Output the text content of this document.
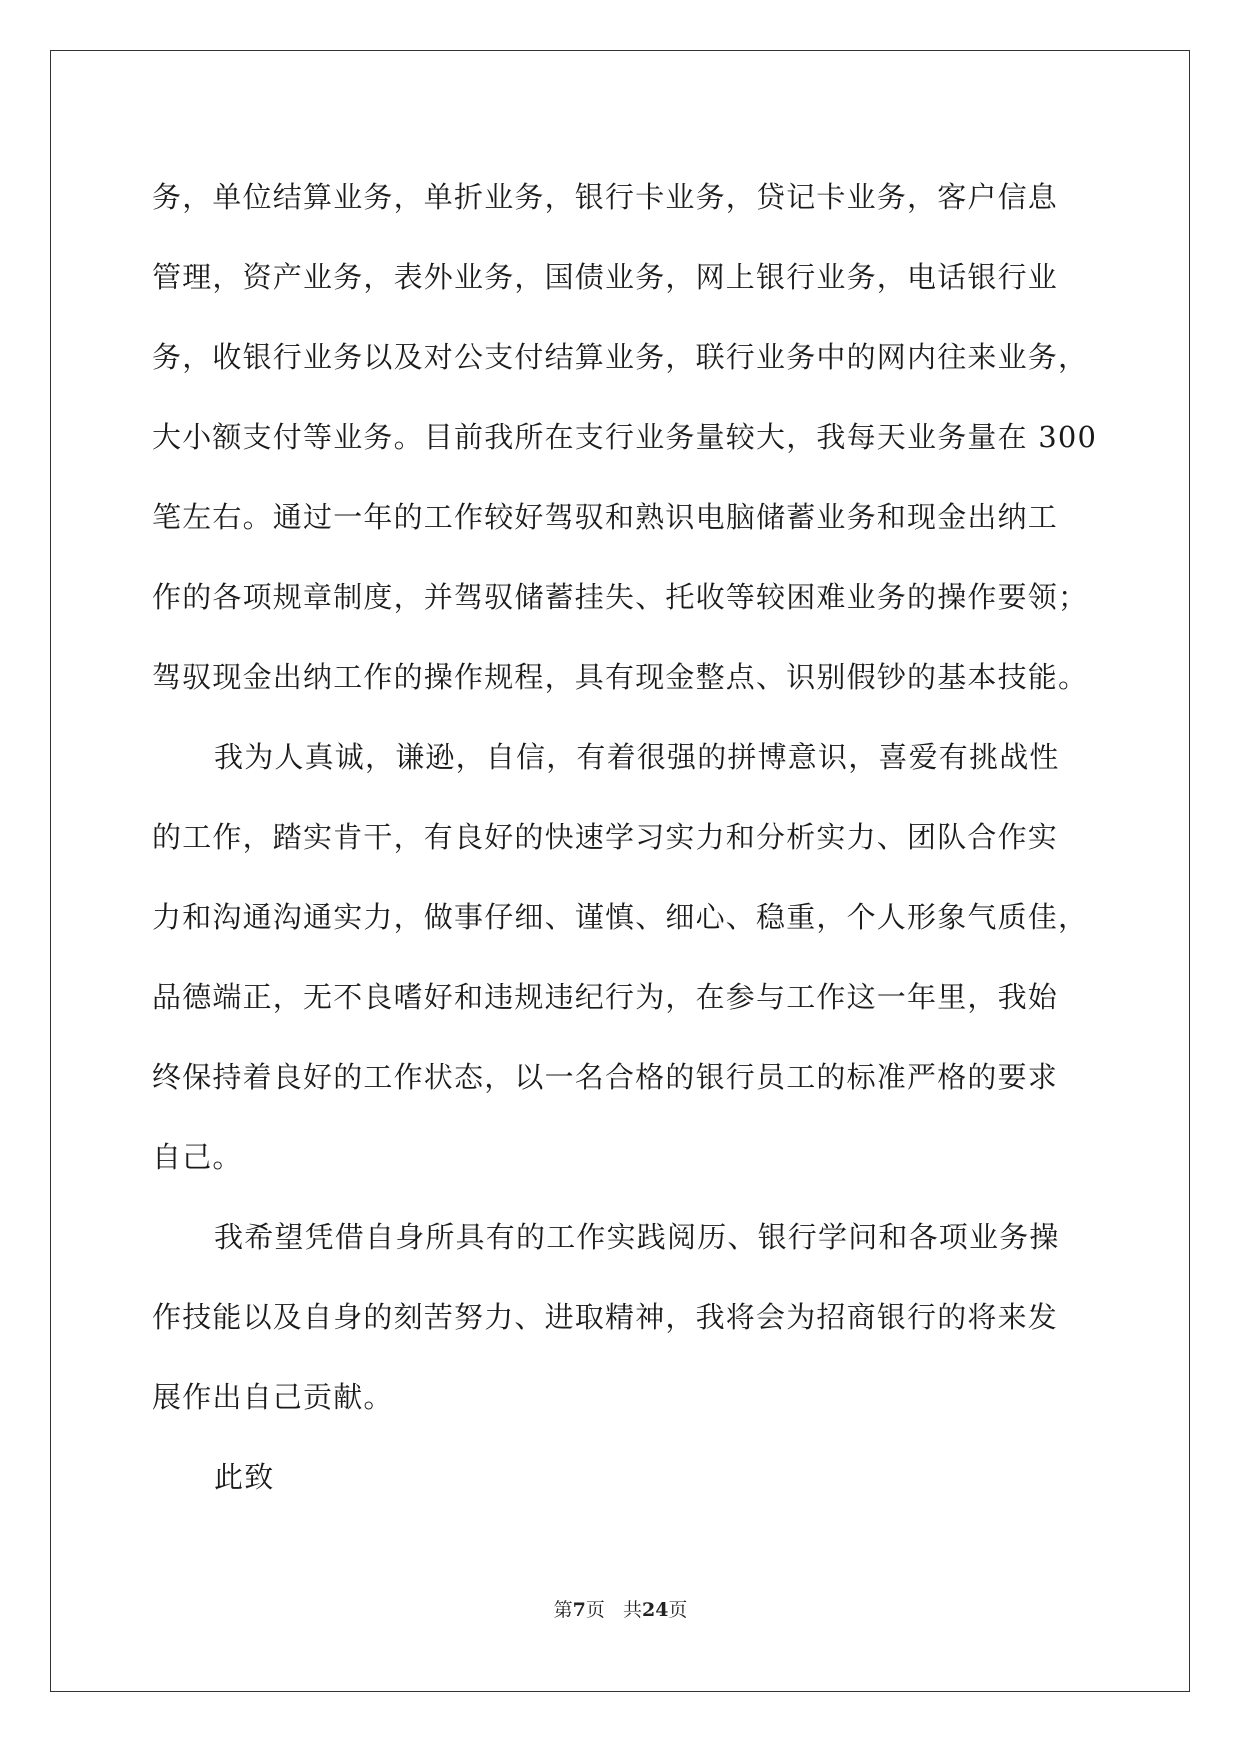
务，单位结算业务，单折业务，银行卡业务，贷记卡业务，客户信息
管理，资产业务，表外业务，国债业务，网上银行业务，电话银行业
务，收银行业务以及对公支付结算业务，联行业务中的网内往来业务，
大小额支付等业务。目前我所在支行业务量较大，我每天业务量在 300
笔左右。通过一年的工作较好驾驭和熟识电脑储蓄业务和现金出纳工
作的各项规章制度，并驾驭储蓄挂失、托收等较困难业务的操作要领；
驾驭现金出纳工作的操作规程，具有现金整点、识别假钞的基本技能。
我为人真诚，谦逊，自信，有着很强的拼博意识，喜爱有挑战性
的工作，踏实肯干，有良好的快速学习实力和分析实力、团队合作实
力和沟通沟通实力，做事仔细、谨慎、细心、稳重，个人形象气质佳，
品德端正，无不良嗜好和违规违纪行为，在参与工作这一年里，我始
终保持着良好的工作状态，以一名合格的银行员工的标准严格的要求
自己。
我希望凭借自身所具有的工作实践阅历、银行学问和各项业务操
作技能以及自身的刻苦努力、进取精神，我将会为招商银行的将来发
展作出自己贡献。
此致
第7页 共24页
